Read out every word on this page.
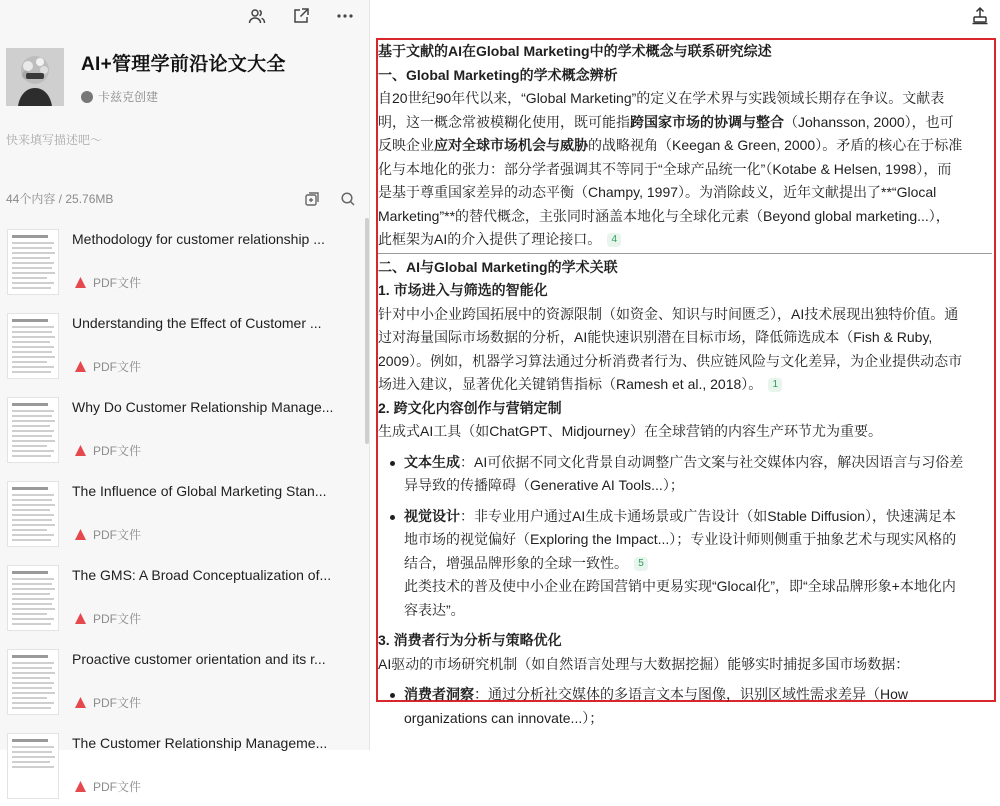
AI+管理学前沿论文大全
卡兹克创建
快来填写描述吧～
44个内容 / 25.76MB
Methodology for customer relationship ...
PDF文件
Understanding the Effect of Customer ...
PDF文件
Why Do Customer Relationship Manage...
PDF文件
The Influence of Global Marketing Stan...
PDF文件
The GMS: A Broad Conceptualization of...
PDF文件
Proactive customer orientation and its r...
PDF文件
The Customer Relationship Manageme...
PDF文件

基于文献的AI在Global Marketing中的学术概念与联系研究综述

一、Global Marketing的学术概念辨析

自20世纪90年代以来，“Global Marketing”的定义在学术界与实践领域长期存在争议。文献表

明，这一概念常被模糊化使用，既可能指跨国家市场的协调与整合（Johansson, 2000），也可

反映企业应对全球市场机会与威胁的战略视角（Keegan & Green, 2000）。矛盾的核心在于标准

化与本地化的张力：部分学者强调其不等同于“全球产品统一化”（Kotabe & Helsen, 1998），而

是基于尊重国家差异的动态平衡（Champy, 1997）。为消除歧义，近年文献提出了**“Glocal

Marketing”**的替代概念，主张同时涵盖本地化与全球化元素（Beyond global marketing...），

此框架为AI的介入提供了理论接口。 4

二、AI与Global Marketing的学术关联

1. 市场进入与筛选的智能化

针对中小企业跨国拓展中的资源限制（如资金、知识与时间匮乏），AI技术展现出独特价值。通

过对海量国际市场数据的分析，AI能快速识别潜在目标市场，降低筛选成本（Fish & Ruby,

2009）。例如，机器学习算法通过分析消费者行为、供应链风险与文化差异，为企业提供动态市

场进入建议，显著优化关键销售指标（Ramesh et al., 2018）。 1

2. 跨文化内容创作与营销定制

生成式AI工具（如ChatGPT、Midjourney）在全球营销的内容生产环节尤为重要。

文本生成：AI可依据不同文化背景自动调整广告文案与社交媒体内容，解决因语言与习俗差

异导致的传播障碍（Generative AI Tools...）；

视觉设计：非专业用户通过AI生成卡通场景或广告设计（如Stable Diffusion），快速满足本

地市场的视觉偏好（Exploring the Impact...）；专业设计师则侧重于抽象艺术与现实风格的

结合，增强品牌形象的全球一致性。 5

此类技术的普及使中小企业在跨国营销中更易实现“Glocal化”，即“全球品牌形象+本地化内

容表达”。

3. 消费者行为分析与策略优化

AI驱动的市场研究机制（如自然语言处理与大数据挖掘）能够实时捕捉多国市场数据：

消费者洞察：通过分析社交媒体的多语言文本与图像，识别区域性需求差异（How

organizations can innovate...）；
